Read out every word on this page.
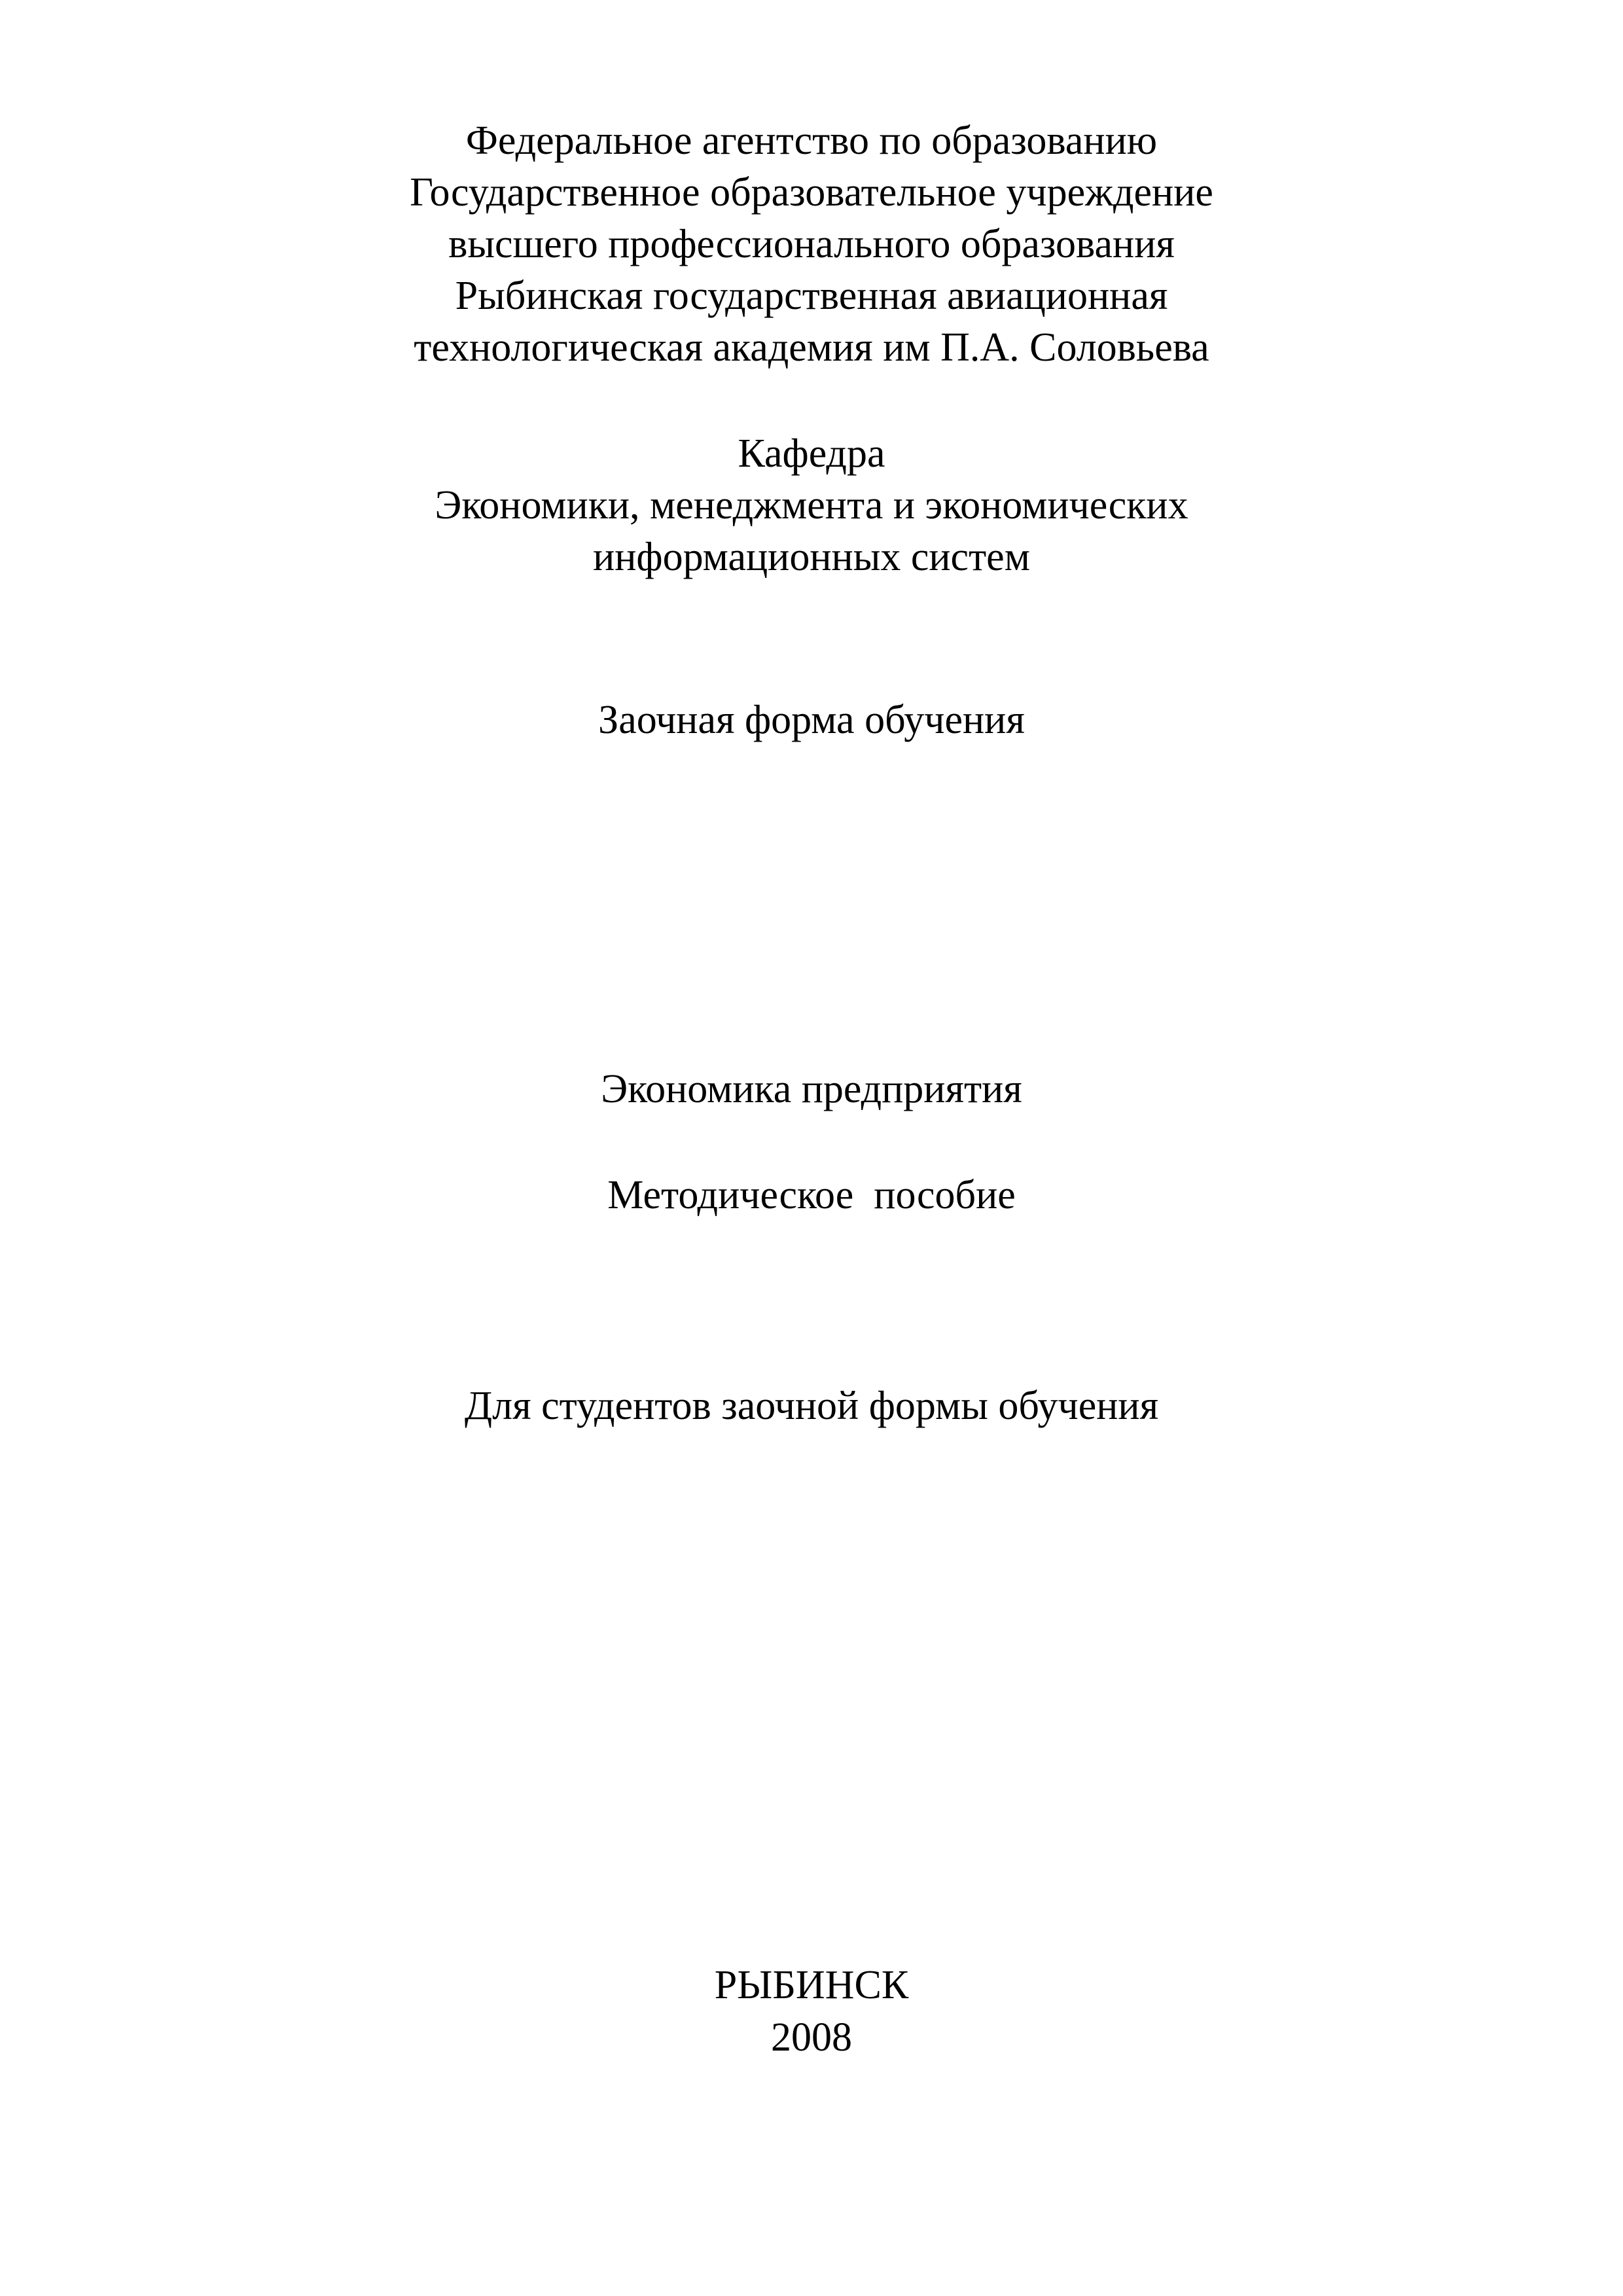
Федеральное агентство по образованию
Государственное образовательное учреждение
высшего профессионального образования
Рыбинская государственная авиационная
технологическая академия им П.А. Соловьева
Кафедра
Экономики, менеджмента и экономических
информационных систем
Заочная форма обучения
Экономика предприятия
Методическое  пособие
Для студентов заочной формы обучения
РЫБИНСК
2008
